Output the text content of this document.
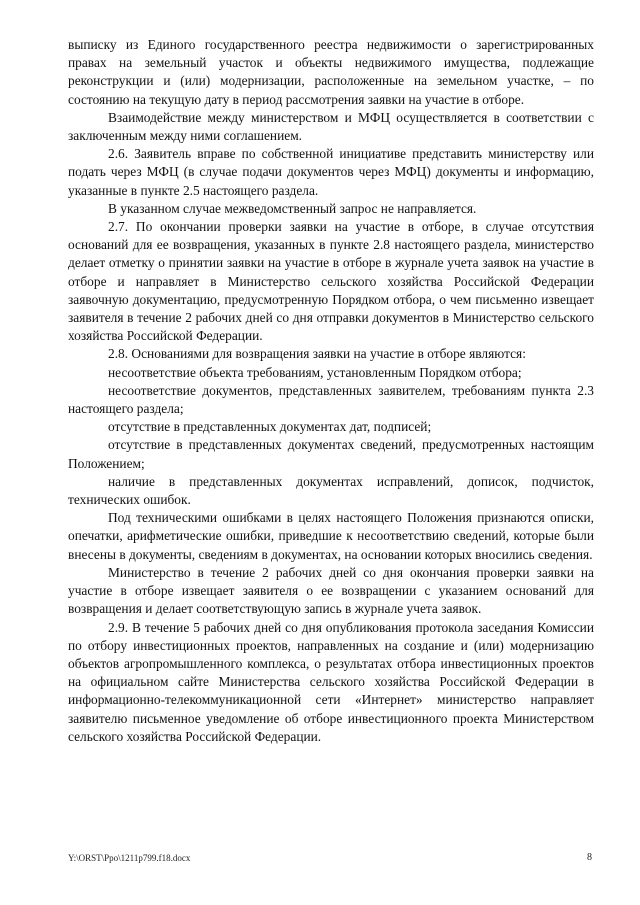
выписку из Единого государственного реестра недвижимости о зарегистрированных правах на земельный участок и объекты недвижимого имущества, подлежащие реконструкции и (или) модернизации, расположенные на земельном участке, – по состоянию на текущую дату в период рассмотрения заявки на участие в отборе.

Взаимодействие между министерством и МФЦ осуществляется в соответствии с заключенным между ними соглашением.

2.6. Заявитель вправе по собственной инициативе представить министерству или подать через МФЦ (в случае подачи документов через МФЦ) документы и информацию, указанные в пункте 2.5 настоящего раздела.

В указанном случае межведомственный запрос не направляется.

2.7. По окончании проверки заявки на участие в отборе, в случае отсутствия оснований для ее возвращения, указанных в пункте 2.8 настоящего раздела, министерство делает отметку о принятии заявки на участие в отборе в журнале учета заявок на участие в отборе и направляет в Министерство сельского хозяйства Российской Федерации заявочную документацию, предусмотренную Порядком отбора, о чем письменно извещает заявителя в течение 2 рабочих дней со дня отправки документов в Министерство сельского хозяйства Российской Федерации.

2.8. Основаниями для возвращения заявки на участие в отборе являются:

несоответствие объекта требованиям, установленным Порядком отбора;

несоответствие документов, представленных заявителем, требованиям пункта 2.3 настоящего раздела;

отсутствие в представленных документах дат, подписей;

отсутствие в представленных документах сведений, предусмотренных настоящим Положением;

наличие в представленных документах исправлений, дописок, подчисток, технических ошибок.

Под техническими ошибками в целях настоящего Положения признаются описки, опечатки, арифметические ошибки, приведшие к несоответствию сведений, которые были внесены в документы, сведениям в документах, на основании которых вносились сведения.

Министерство в течение 2 рабочих дней со дня окончания проверки заявки на участие в отборе извещает заявителя о ее возвращении с указанием оснований для возвращения и делает соответствующую запись в журнале учета заявок.

2.9. В течение 5 рабочих дней со дня опубликования протокола заседания Комиссии по отбору инвестиционных проектов, направленных на создание и (или) модернизацию объектов агропромышленного комплекса, о результатах отбора инвестиционных проектов на официальном сайте Министерства сельского хозяйства Российской Федерации в информационно-телекоммуникационной сети «Интернет» министерство направляет заявителю письменное уведомление об отборе инвестиционного проекта Министерством сельского хозяйства Российской Федерации.

Y:\ORST\Ppo\1211p799.f18.docx	8
